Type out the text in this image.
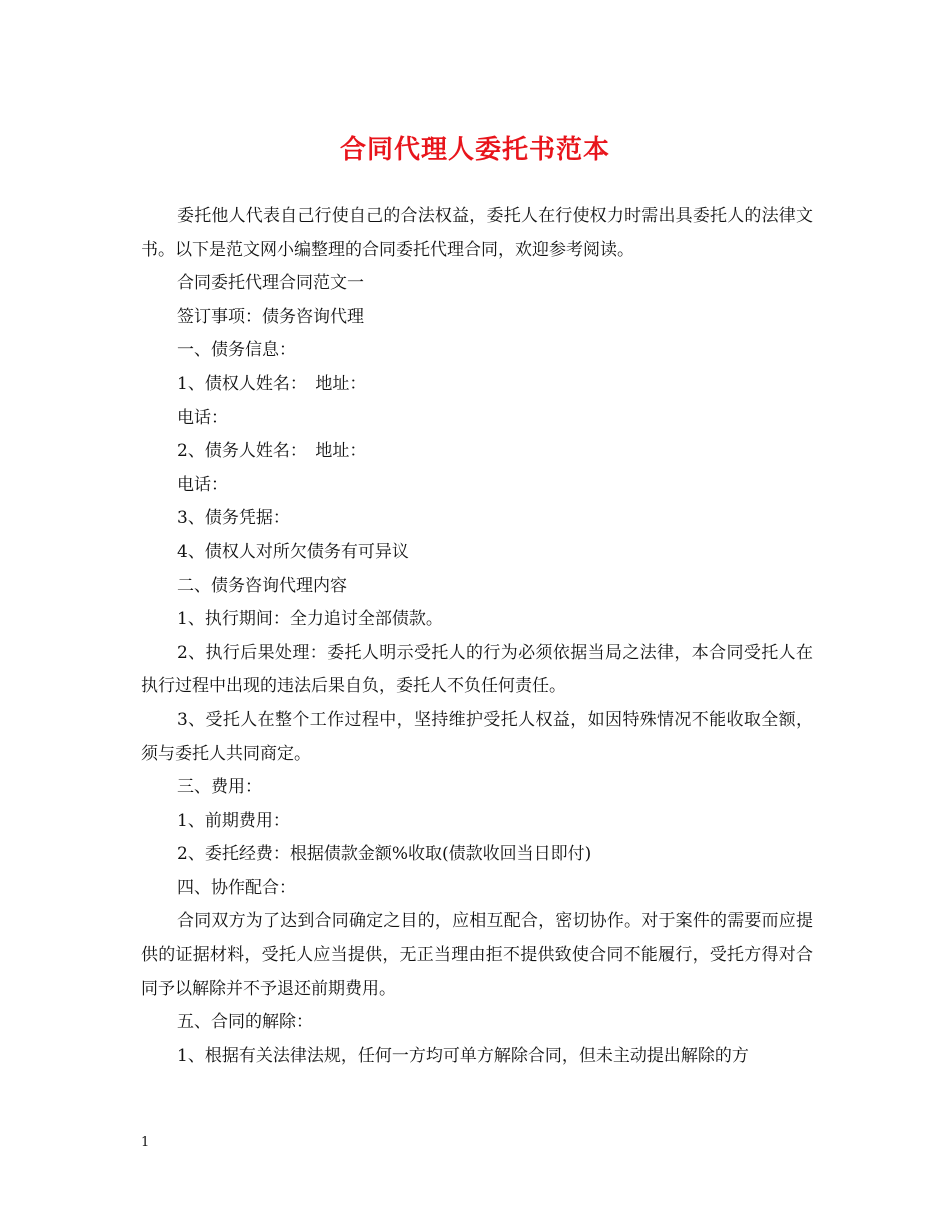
合同代理人委托书范本

委托他人代表自己行使自己的合法权益，委托人在行使权力时需出具委托人的法律文书。以下是范文网小编整理的合同委托代理合同，欢迎参考阅读。

合同委托代理合同范文一

签订事项：债务咨询代理

一、债务信息：

1、债权人姓名：　地址：

电话：

2、债务人姓名：　地址：

电话：

3、债务凭据：

4、债权人对所欠债务有可异议

二、债务咨询代理内容

1、执行期间：全力追讨全部债款。

2、执行后果处理：委托人明示受托人的行为必须依据当局之法律，本合同受托人在执行过程中出现的违法后果自负，委托人不负任何责任。

3、受托人在整个工作过程中，坚持维护受托人权益，如因特殊情况不能收取全额，须与委托人共同商定。

三、费用：

1、前期费用：

2、委托经费：根据债款金额%收取(债款收回当日即付)

四、协作配合：

合同双方为了达到合同确定之目的，应相互配合，密切协作。对于案件的需要而应提供的证据材料，受托人应当提供，无正当理由拒不提供致使合同不能履行，受托方得对合同予以解除并不予退还前期费用。

五、合同的解除：

1、根据有关法律法规，任何一方均可单方解除合同，但未主动提出解除的方

1
